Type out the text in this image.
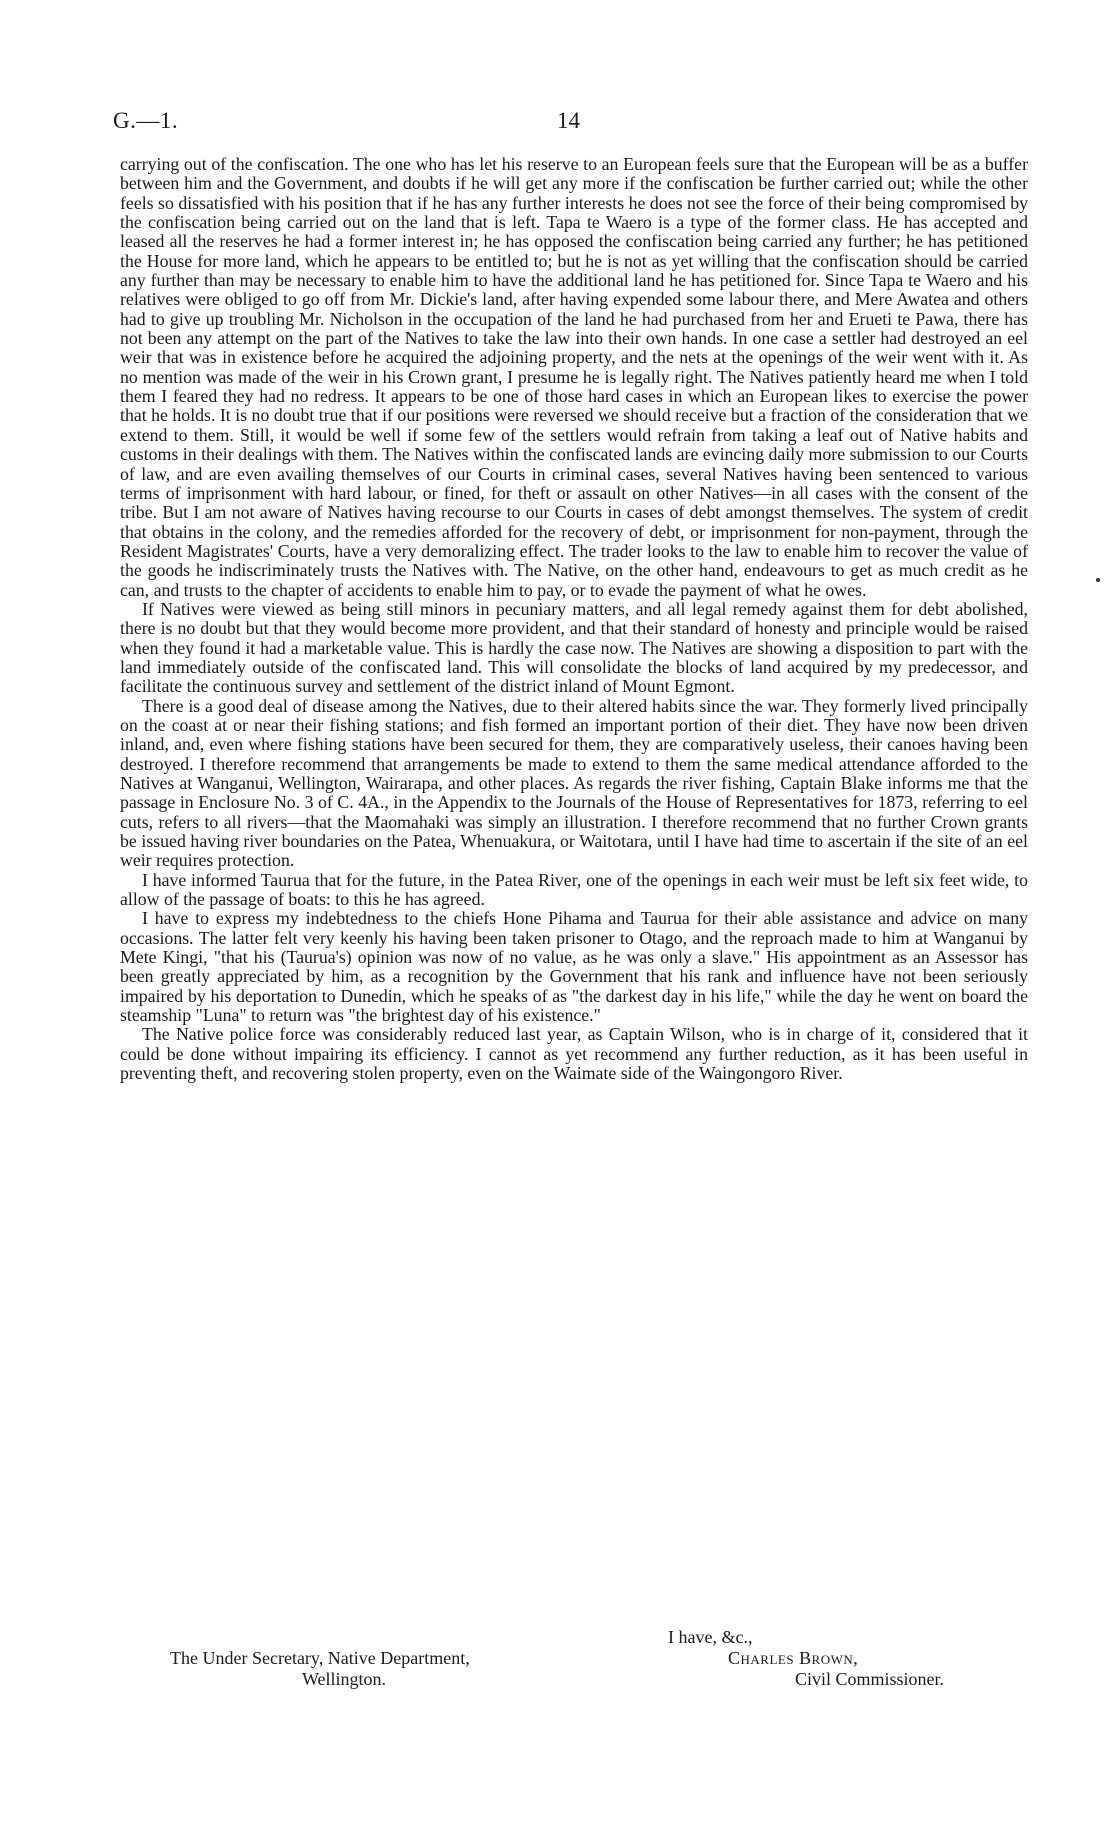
G.—1.	14

carrying out of the confiscation. The one who has let his reserve to an European feels sure that the European will be as a buffer between him and the Government, and doubts if he will get any more if the confiscation be further carried out; while the other feels so dissatisfied with his position that if he has any further interests he does not see the force of their being compromised by the confiscation being carried out on the land that is left. Tapa te Waero is a type of the former class. He has accepted and leased all the reserves he had a former interest in; he has opposed the confiscation being carried any further; he has petitioned the House for more land, which he appears to be entitled to; but he is not as yet willing that the confiscation should be carried any further than may be necessary to enable him to have the additional land he has petitioned for. Since Tapa te Waero and his relatives were obliged to go off from Mr. Dickie's land, after having expended some labour there, and Mere Awatea and others had to give up troubling Mr. Nicholson in the occupation of the land he had purchased from her and Erueti te Pawa, there has not been any attempt on the part of the Natives to take the law into their own hands. In one case a settler had destroyed an eel weir that was in existence before he acquired the adjoining property, and the nets at the openings of the weir went with it. As no mention was made of the weir in his Crown grant, I presume he is legally right. The Natives patiently heard me when I told them I feared they had no redress. It appears to be one of those hard cases in which an European likes to exercise the power that he holds. It is no doubt true that if our positions were reversed we should receive but a fraction of the consideration that we extend to them. Still, it would be well if some few of the settlers would refrain from taking a leaf out of Native habits and customs in their dealings with them. The Natives within the confiscated lands are evincing daily more submission to our Courts of law, and are even availing themselves of our Courts in criminal cases, several Natives having been sentenced to various terms of imprisonment with hard labour, or fined, for theft or assault on other Natives—in all cases with the consent of the tribe. But I am not aware of Natives having recourse to our Courts in cases of debt amongst themselves. The system of credit that obtains in the colony, and the remedies afforded for the recovery of debt, or imprisonment for non-payment, through the Resident Magistrates' Courts, have a very demoralizing effect. The trader looks to the law to enable him to recover the value of the goods he indiscriminately trusts the Natives with. The Native, on the other hand, endeavours to get as much credit as he can, and trusts to the chapter of accidents to enable him to pay, or to evade the payment of what he owes.

If Natives were viewed as being still minors in pecuniary matters, and all legal remedy against them for debt abolished, there is no doubt but that they would become more provident, and that their standard of honesty and principle would be raised when they found it had a marketable value. This is hardly the case now. The Natives are showing a disposition to part with the land immediately outside of the confiscated land. This will consolidate the blocks of land acquired by my predecessor, and facilitate the continuous survey and settlement of the district inland of Mount Egmont.

There is a good deal of disease among the Natives, due to their altered habits since the war. They formerly lived principally on the coast at or near their fishing stations; and fish formed an important portion of their diet. They have now been driven inland, and, even where fishing stations have been secured for them, they are comparatively useless, their canoes having been destroyed. I therefore recommend that arrangements be made to extend to them the same medical attendance afforded to the Natives at Wanganui, Wellington, Wairarapa, and other places. As regards the river fishing, Captain Blake informs me that the passage in Enclosure No. 3 of C. 4A., in the Appendix to the Journals of the House of Representatives for 1873, referring to eel cuts, refers to all rivers—that the Maomahaki was simply an illustration. I therefore recommend that no further Crown grants be issued having river boundaries on the Patea, Whenuakura, or Waitotara, until I have had time to ascertain if the site of an eel weir requires protection.

I have informed Taurua that for the future, in the Patea River, one of the openings in each weir must be left six feet wide, to allow of the passage of boats: to this he has agreed.

I have to express my indebtedness to the chiefs Hone Pihama and Taurua for their able assistance and advice on many occasions. The latter felt very keenly his having been taken prisoner to Otago, and the reproach made to him at Wanganui by Mete Kingi, "that his (Taurua's) opinion was now of no value, as he was only a slave." His appointment as an Assessor has been greatly appreciated by him, as a recognition by the Government that his rank and influence have not been seriously impaired by his deportation to Dunedin, which he speaks of as "the darkest day in his life," while the day he went on board the steamship "Luna" to return was "the brightest day of his existence."

The Native police force was considerably reduced last year, as Captain Wilson, who is in charge of it, considered that it could be done without impairing its efficiency. I cannot as yet recommend any further reduction, as it has been useful in preventing theft, and recovering stolen property, even on the Waimate side of the Waingongoro River.

I have, &c.,
Charles Brown,
Civil Commissioner.
The Under Secretary, Native Department,
Wellington.
